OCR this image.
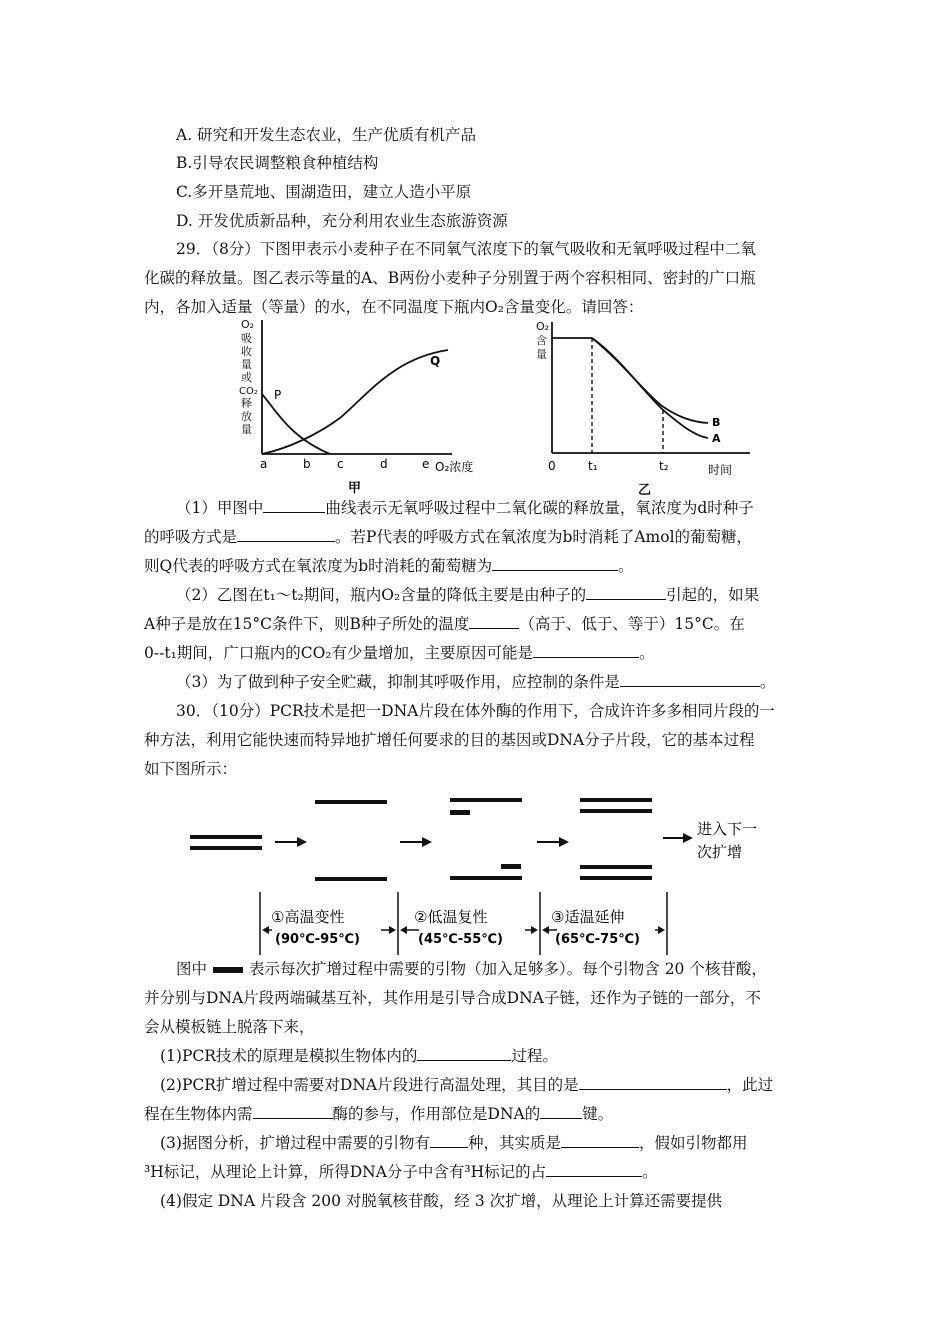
A. 研究和开发生态农业，生产优质有机产品
B.引导农民调整粮食种植结构
C.多开垦荒地、围湖造田，建立人造小平原
D. 开发优质新品种，充分利用农业生态旅游资源
29．（8分）下图甲表示小麦种子在不同氧气浓度下的氧气吸收和无氧呼吸过程中二氧
化碳的释放量。图乙表示等量的A、B两份小麦种子分别置于两个容积相同、密封的广口瓶
内，各加入适量（等量）的水，在不同温度下瓶内O₂含量变化。请回答：
O₂
吸
收
量
或
CO₂
释
放
量
P
Q
a	b c	d	e O₂浓度
甲
O₂
含
量
B
A
0	t₁	t₂	时间
乙
（1）甲图中	曲线表示无氧呼吸过程中二氧化碳的释放量，氧浓度为d时种子
的呼吸方式是	。若P代表的呼吸方式在氧浓度为b时消耗了Amol的葡萄糖，
则Q代表的呼吸方式在氧浓度为b时消耗的葡萄糖为	。
（2）乙图在t₁～t₂期间，瓶内O₂含量的降低主要是由种子的	引起的，如果
A种子是放在15°C条件下，则B种子所处的温度	（高于、低于、等于）15°C。在
0--t₁期间，广口瓶内的CO₂有少量增加，主要原因可能是	。
（3）为了做到种子安全贮藏，抑制其呼吸作用，应控制的条件是	。
30．（10分）PCR技术是把一DNA片段在体外酶的作用下，合成许许多多相同片段的一
种方法，利用它能快速而特异地扩增任何要求的目的基因或DNA分子片段，它的基本过程
如下图所示：
进入下一
次扩增
①高温变性
(90℃-95℃)
②低温复性
(45℃-55℃)
③适温延伸
(65℃-75℃)
图中	表示每次扩增过程中需要的引物（加入足够多）。每个引物含 20 个核苷酸，
并分别与DNA片段两端碱基互补，其作用是引导合成DNA子链，还作为子链的一部分，不
会从模板链上脱落下来，
(1)PCR技术的原理是模拟生物体内的	过程。
(2)PCR扩增过程中需要对DNA片段进行高温处理，其目的是	，此过
程在生物体内需	酶的参与，作用部位是DNA的	键。
(3)据图分析，扩增过程中需要的引物有 种，其实质是	，假如引物都用
³H标记，从理论上计算，所得DNA分子中含有³H标记的占	。
(4)假定 DNA 片段含 200 对脱氧核苷酸，经 3 次扩增，从理论上计算还需要提供
